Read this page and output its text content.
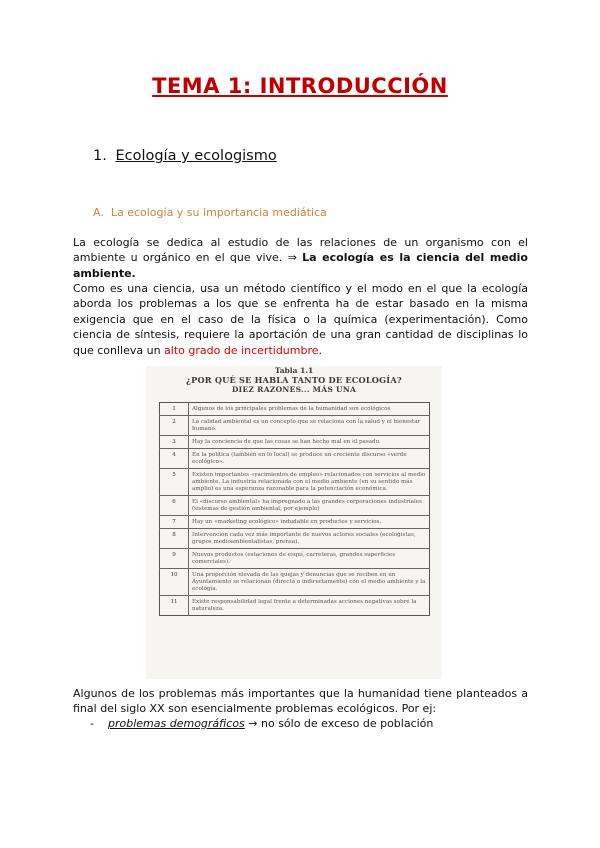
TEMA 1: INTRODUCCIÓN
1. Ecología y ecologismo
A. La ecología y su importancia mediática
La ecología se dedica al estudio de las relaciones de un organismo con el ambiente u orgánico en el que vive. ⇒ La ecología es la ciencia del medio ambiente.
Como es una ciencia, usa un método científico y el modo en el que la ecología aborda los problemas a los que se enfrenta ha de estar basado en la misma exigencia que en el caso de la física o la química (experimentación). Como ciencia de síntesis, requiere la aportación de una gran cantidad de disciplinas lo que conlleva un alto grado de incertidumbre.
Tabla 1.1
¿POR QUÉ SE HABLA TANTO DE ECOLOGÍA?
DIEZ RAZONES... MÁS UNA
1	Algunos de los principales problemas de la humanidad son ecológicos
2	La calidad ambiental es un concepto que se relaciona con la salud y el bienestar humano.
3	Hay la conciencia de que las cosas se han hecho mal en el pasado.
4	En la política (también en lo local) se produce un creciente discurso «verde ecológico».
5	Existen importantes «yacimientos de empleo» relacionados con servicios al medio ambiente. La industria relacionada con el medio ambiente (en su sentido más amplio) es una esperanza razonable para la potenciación económica.
6	El «discurso ambiental» ha impregnado a las grandes corporaciones industriales (sistemas de gestión ambiental, por ejemplo)
7	Hay un «marketing ecológico» indudable en productos y servicios.
8	Intervención cada vez más importante de nuevos actores sociales (ecologistas, grupos medioambientalistas, prensa).
9	Nuevos productos (estaciones de esquí, carreteras, grandes superficies comerciales).
10	Una proporción elevada de las quejas y denuncias que se reciben en un Ayuntamiento se relacionan (directa o indirectamente) con el medio ambiente y la ecología.
11	Existe responsabilidad legal frente a determinadas acciones negativas sobre la naturaleza.
Algunos de los problemas más importantes que la humanidad tiene planteados a final del siglo XX son esencialmente problemas ecológicos. Por ej:
- problemas demográficos → no sólo de exceso de población
